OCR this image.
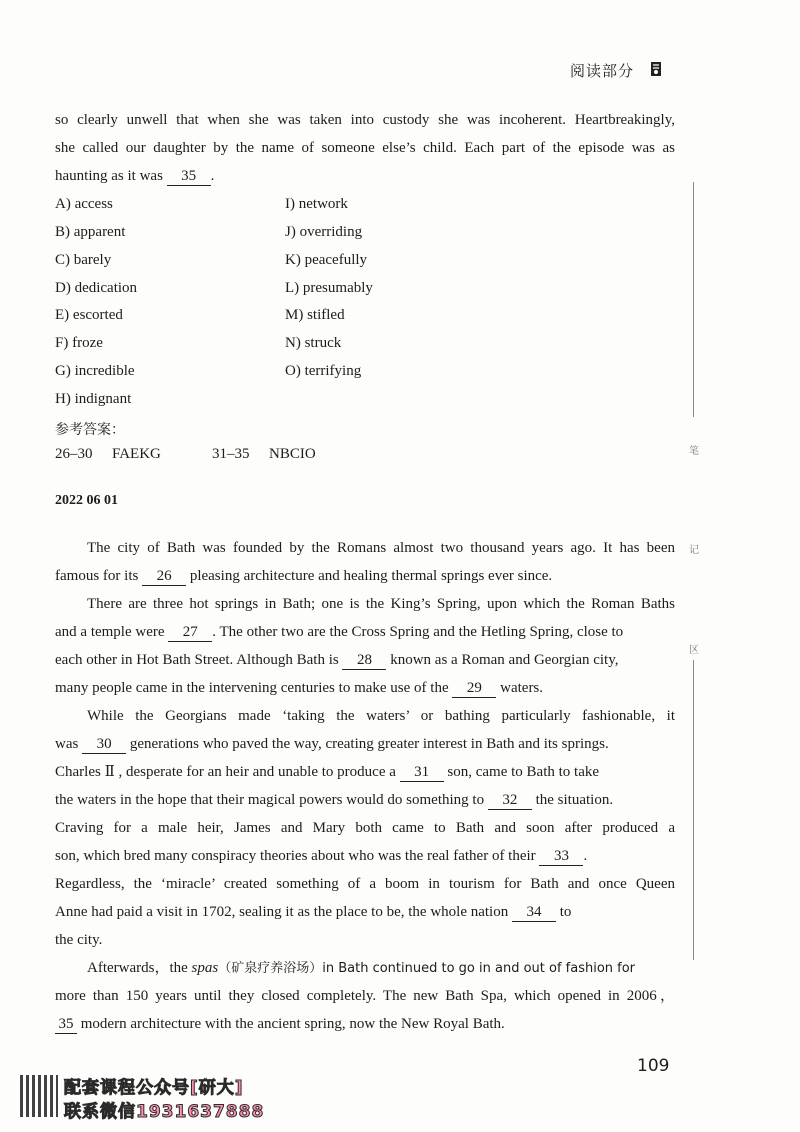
阅读部分
笔
记
区
so clearly unwell that when she was taken into custody she was incoherent. Heartbreakingly,
she called our daughter by the name of someone else’s child. Each part of the episode was as
haunting as it was 35 .
A) access
B) apparent
C) barely
D) dedication
E) escorted
F) froze
G) incredible
H) indignant
I) network
J) overriding
K) peacefully
L) presumably
M) stifled
N) struck
O) terrifying
参考答案：
26–30 FAEKG	31–35 NBCIO
2022 06 01
The city of Bath was founded by the Romans almost two thousand years ago. It has been
famous for its 26 pleasing architecture and healing thermal springs ever since.
There are three hot springs in Bath; one is the King’s Spring, upon which the Roman Baths
and a temple were 27 . The other two are the Cross Spring and the Hetling Spring, close to
each other in Hot Bath Street. Although Bath is 28 known as a Roman and Georgian city,
many people came in the intervening centuries to make use of the 29 waters.
While the Georgians made ‘taking the waters’ or bathing particularly fashionable, it
was 30 generations who paved the way, creating greater interest in Bath and its springs.
Charles Ⅱ , desperate for an heir and unable to produce a 31 son, came to Bath to take
the waters in the hope that their magical powers would do something to 32 the situation.
Craving for a male heir, James and Mary both came to Bath and soon after produced a
son, which bred many conspiracy theories about who was the real father of their 33 .
Regardless, the ‘miracle’ created something of a boom in tourism for Bath and once Queen
Anne had paid a visit in 1702, sealing it as the place to be, the whole nation 34 to
the city.
Afterwards，the spas（矿泉疗养浴场）in Bath continued to go in and out of fashion for
more than 150 years until they closed completely. The new Bath Spa, which opened in 2006，
35 modern architecture with the ancient spring, now the New Royal Bath.
109
配套课程公众号[研大]
联系微信1931637888
